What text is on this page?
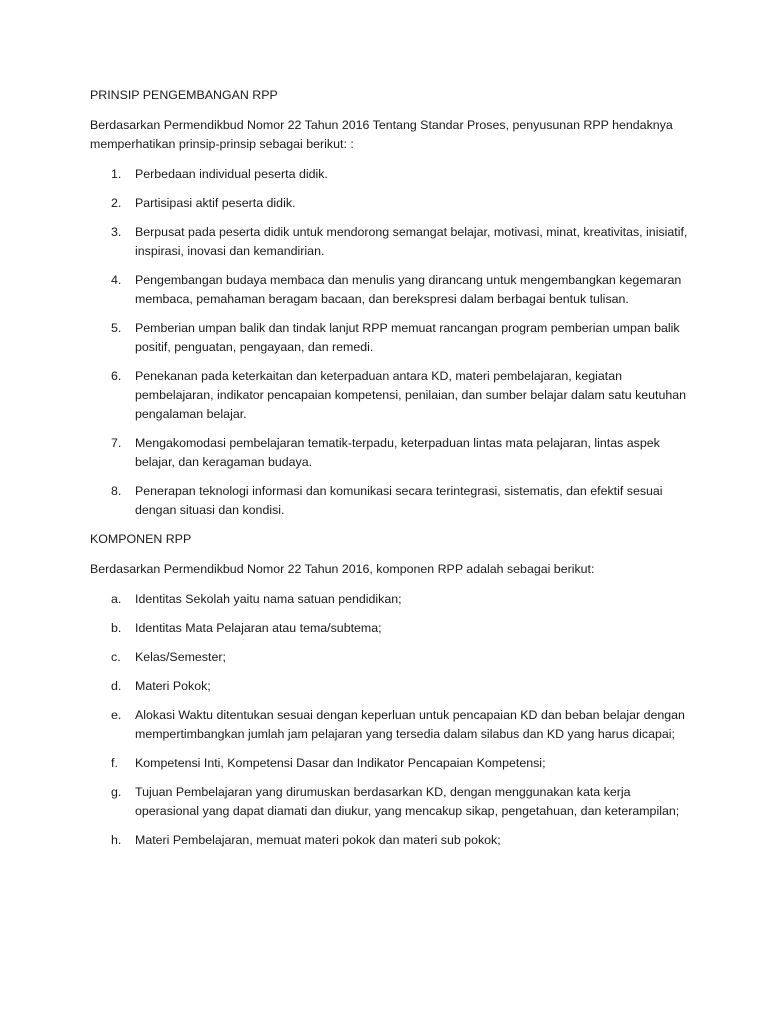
PRINSIP PENGEMBANGAN RPP

Berdasarkan Permendikbud Nomor 22 Tahun 2016 Tentang Standar Proses, penyusunan RPP hendaknya memperhatikan prinsip-prinsip sebagai berikut: :

1. Perbedaan individual peserta didik.
2. Partisipasi aktif peserta didik.
3. Berpusat pada peserta didik untuk mendorong semangat belajar, motivasi, minat, kreativitas, inisiatif, inspirasi, inovasi dan kemandirian.
4. Pengembangan budaya membaca dan menulis yang dirancang untuk mengembangkan kegemaran membaca, pemahaman beragam bacaan, dan berekspresi dalam berbagai bentuk tulisan.
5. Pemberian umpan balik dan tindak lanjut RPP memuat rancangan program pemberian umpan balik positif, penguatan, pengayaan, dan remedi.
6. Penekanan pada keterkaitan dan keterpaduan antara KD, materi pembelajaran, kegiatan pembelajaran, indikator pencapaian kompetensi, penilaian, dan sumber belajar dalam satu keutuhan pengalaman belajar.
7. Mengakomodasi pembelajaran tematik-terpadu, keterpaduan lintas mata pelajaran, lintas aspek belajar, dan keragaman budaya.
8. Penerapan teknologi informasi dan komunikasi secara terintegrasi, sistematis, dan efektif sesuai dengan situasi dan kondisi.

KOMPONEN RPP

Berdasarkan Permendikbud Nomor 22 Tahun 2016, komponen RPP adalah sebagai berikut:

a. Identitas Sekolah yaitu nama satuan pendidikan;
b. Identitas Mata Pelajaran atau tema/subtema;
c. Kelas/Semester;
d. Materi Pokok;
e. Alokasi Waktu ditentukan sesuai dengan keperluan untuk pencapaian KD dan beban belajar dengan mempertimbangkan jumlah jam pelajaran yang tersedia dalam silabus dan KD yang harus dicapai;
f. Kompetensi Inti, Kompetensi Dasar dan Indikator Pencapaian Kompetensi;
g. Tujuan Pembelajaran yang dirumuskan berdasarkan KD, dengan menggunakan kata kerja operasional yang dapat diamati dan diukur, yang mencakup sikap, pengetahuan, dan keterampilan;
h. Materi Pembelajaran, memuat materi pokok dan materi sub pokok;
